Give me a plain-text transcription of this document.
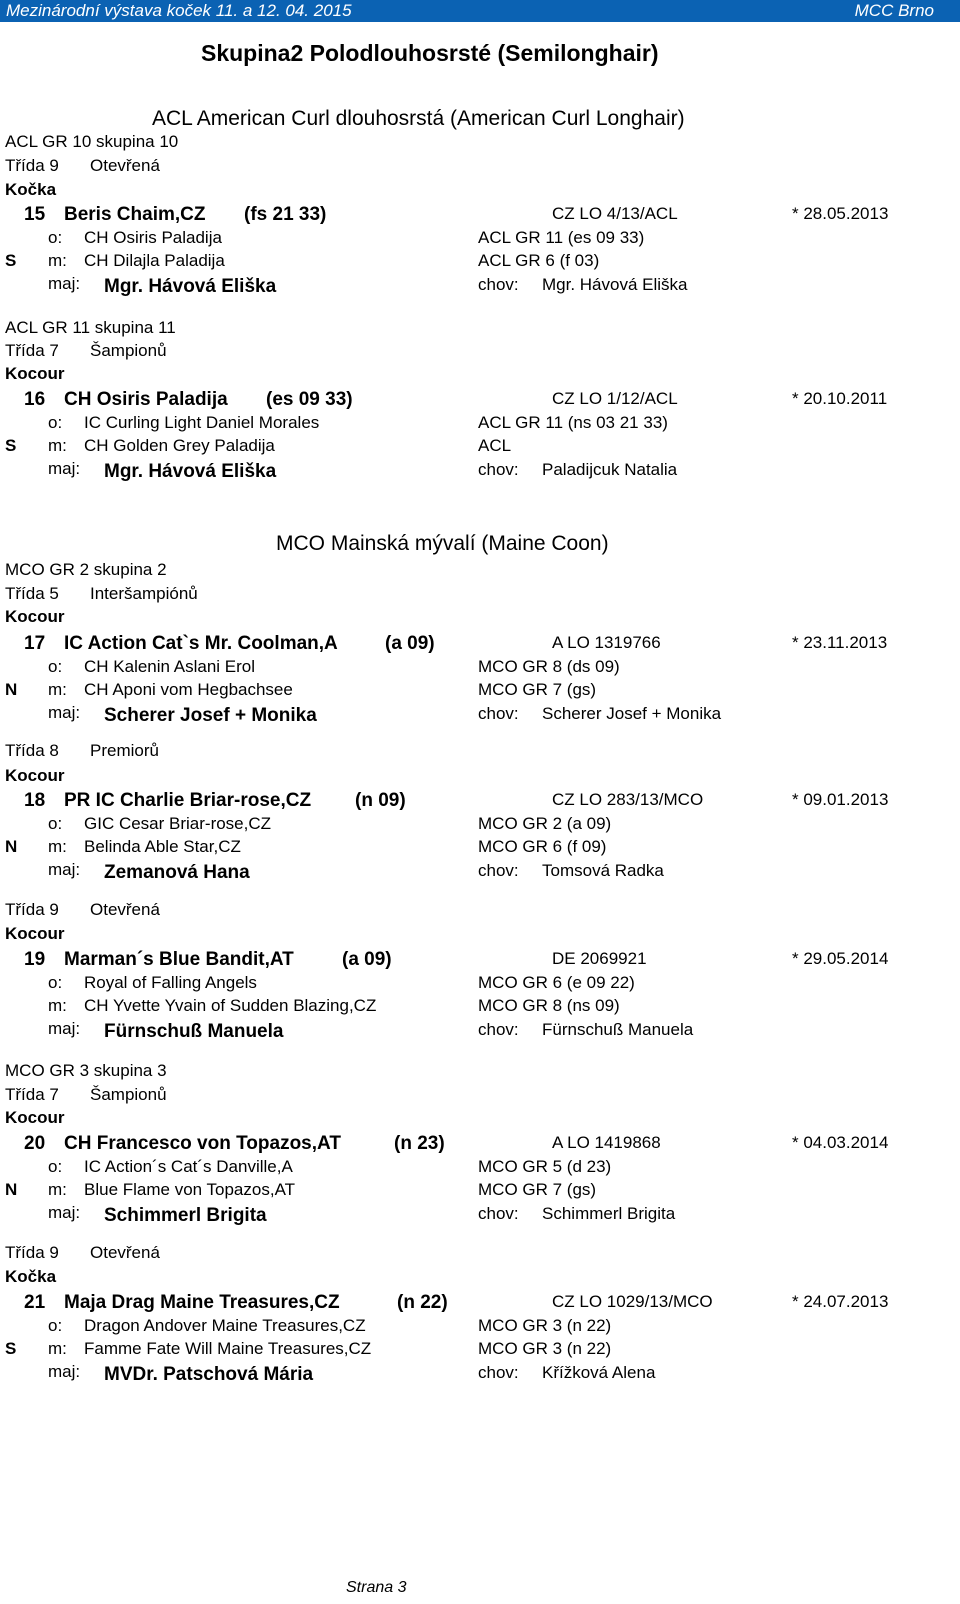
Mezinárodní výstava koček 11. a 12. 04. 2015	MCC Brno
Skupina2 Polodlouhosrsté (Semilonghair)
ACL American Curl dlouhosrstá (American Curl Longhair)
ACL GR 10 skupina 10
Třída 9 Otevřená
Kočka
15 Beris Chaim,CZ (fs 21 33)	CZ LO 4/13/ACL	* 28.05.2013
o: CH Osiris Paladija	ACL GR 11 (es 09 33)
S m: CH Dilajla Paladija	ACL GR 6 (f 03)
maj: Mgr. Hávová Eliška	chov: Mgr. Hávová Eliška
ACL GR 11 skupina 11
Třída 7 Šampionů
Kocour
16 CH Osiris Paladija (es 09 33)	CZ LO 1/12/ACL	* 20.10.2011
o: IC Curling Light Daniel Morales	ACL GR 11 (ns 03 21 33)
S m: CH Golden Grey Paladija	ACL
maj: Mgr. Hávová Eliška	chov: Paladijcuk Natalia
MCO Mainská mývalí (Maine Coon)
MCO GR 2 skupina 2
Třída 5 Interšampiónů
Kocour
17 IC Action Cat`s Mr. Coolman,A (a 09)	A LO 1319766	* 23.11.2013
o: CH Kalenin Aslani Erol	MCO GR 8 (ds 09)
N m: CH Aponi vom Hegbachsee	MCO GR 7 (gs)
maj: Scherer Josef + Monika	chov: Scherer Josef + Monika
Třída 8 Premiorů
Kocour
18 PR IC Charlie Briar-rose,CZ (n 09)	CZ LO 283/13/MCO	* 09.01.2013
o: GIC Cesar Briar-rose,CZ	MCO GR 2 (a 09)
N m: Belinda Able Star,CZ	MCO GR 6 (f 09)
maj: Zemanová Hana	chov: Tomsová Radka
Třída 9 Otevřená
Kocour
19 Marman´s Blue Bandit,AT	(a 09)	DE 2069921	* 29.05.2014
o: Royal of Falling Angels	MCO GR 6 (e 09 22)
m: CH Yvette Yvain of Sudden Blazing,CZ	MCO GR 8 (ns 09)
maj: Fürnschuß Manuela	chov: Fürnschuß Manuela
MCO GR 3 skupina 3
Třída 7 Šampionů
Kocour
20 CH Francesco von Topazos,AT	(n 23)	A LO 1419868	* 04.03.2014
o: IC Action´s Cat´s Danville,A	MCO GR 5 (d 23)
N m: Blue Flame von Topazos,AT	MCO GR 7 (gs)
maj: Schimmerl Brigita	chov: Schimmerl Brigita
Třída 9 Otevřená
Kočka
21 Maja Drag Maine Treasures,CZ	(n 22)	CZ LO 1029/13/MCO	* 24.07.2013
o: Dragon Andover Maine Treasures,CZ	MCO GR 3 (n 22)
S m: Famme Fate Will Maine Treasures,CZ	MCO GR 3 (n 22)
maj: MVDr. Patschová Mária	chov: Křížková Alena
Strana 3
